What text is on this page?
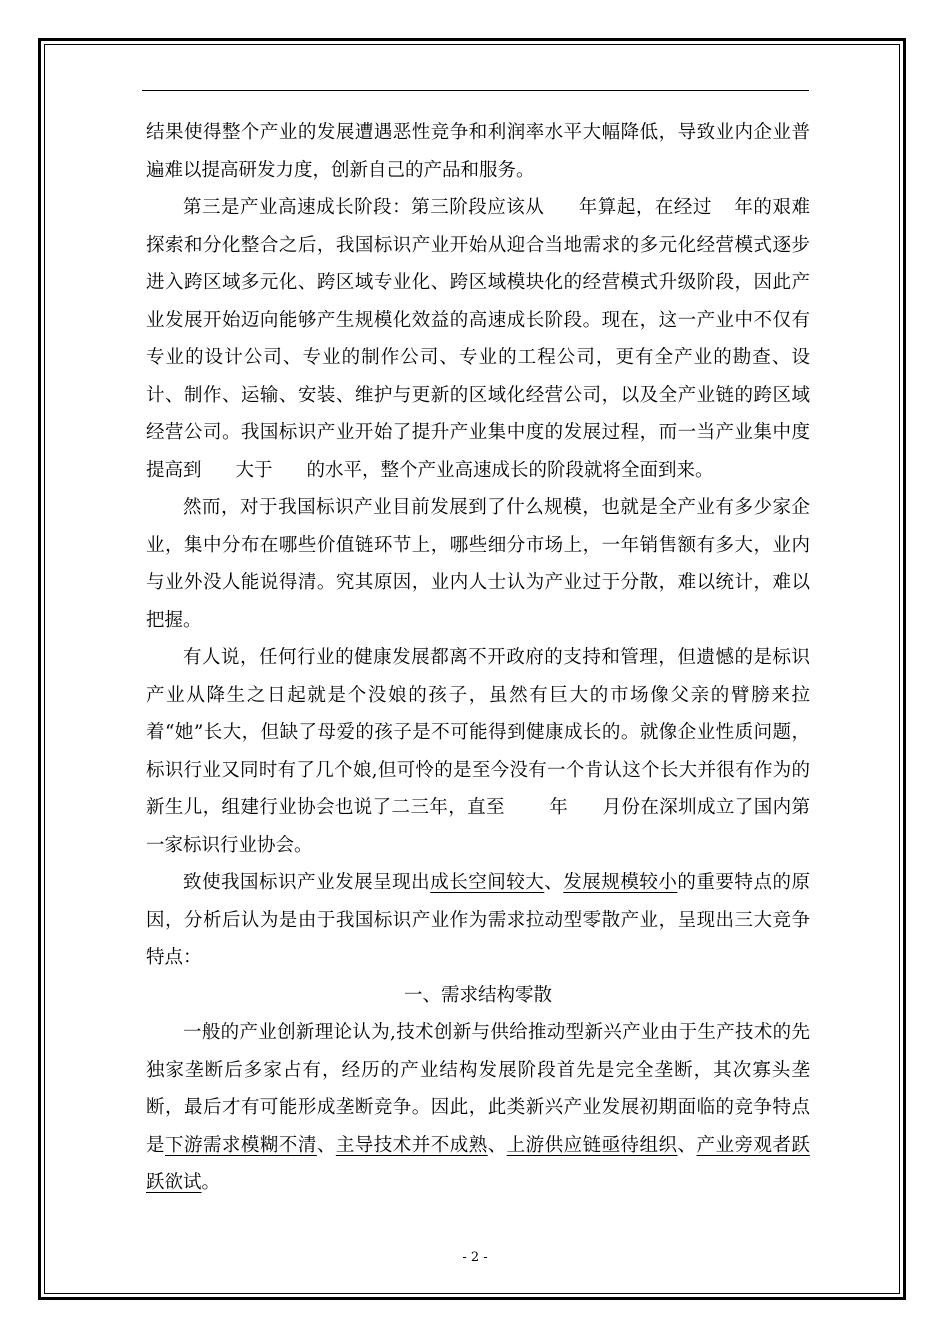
结果使得整个产业的发展遭遇恶性竞争和利润率水平大幅降低，导致业内企业普遍难以提高研发力度，创新自己的产品和服务。

第三是产业高速成长阶段：第三阶段应该从 年算起，在经过 年的艰难探索和分化整合之后，我国标识产业开始从迎合当地需求的多元化经营模式逐步进入跨区域多元化、跨区域专业化、跨区域模块化的经营模式升级阶段，因此产业发展开始迈向能够产生规模化效益的高速成长阶段。现在，这一产业中不仅有专业的设计公司、专业的制作公司、专业的工程公司，更有全产业的勘查、设计、制作、运输、安装、维护与更新的区域化经营公司，以及全产业链的跨区域经营公司。我国标识产业开始了提升产业集中度的发展过程，而一当产业集中度提高到 大于 的水平，整个产业高速成长的阶段就将全面到来。

然而，对于我国标识产业目前发展到了什么规模，也就是全产业有多少家企业，集中分布在哪些价值链环节上，哪些细分市场上，一年销售额有多大，业内与业外没人能说得清。究其原因，业内人士认为产业过于分散，难以统计，难以把握。

有人说，任何行业的健康发展都离不开政府的支持和管理，但遗憾的是标识产业从降生之日起就是个没娘的孩子，虽然有巨大的市场像父亲的臂膀来拉着“她”长大，但缺了母爱的孩子是不可能得到健康成长的。就像企业性质问题，标识行业又同时有了几个娘,但可怜的是至今没有一个肯认这个长大并很有作为的新生儿，组建行业协会也说了二三年，直至 年 月份在深圳成立了国内第一家标识行业协会。

致使我国标识产业发展呈现出成长空间较大、发展规模较小的重要特点的原因，分析后认为是由于我国标识产业作为需求拉动型零散产业，呈现出三大竞争特点：

一、需求结构零散

一般的产业创新理论认为,技术创新与供给推动型新兴产业由于生产技术的先独家垄断后多家占有，经历的产业结构发展阶段首先是完全垄断，其次寡头垄断，最后才有可能形成垄断竞争。因此，此类新兴产业发展初期面临的竞争特点是下游需求模糊不清、主导技术并不成熟、上游供应链亟待组织、产业旁观者跃跃欲试。

- 2 -
